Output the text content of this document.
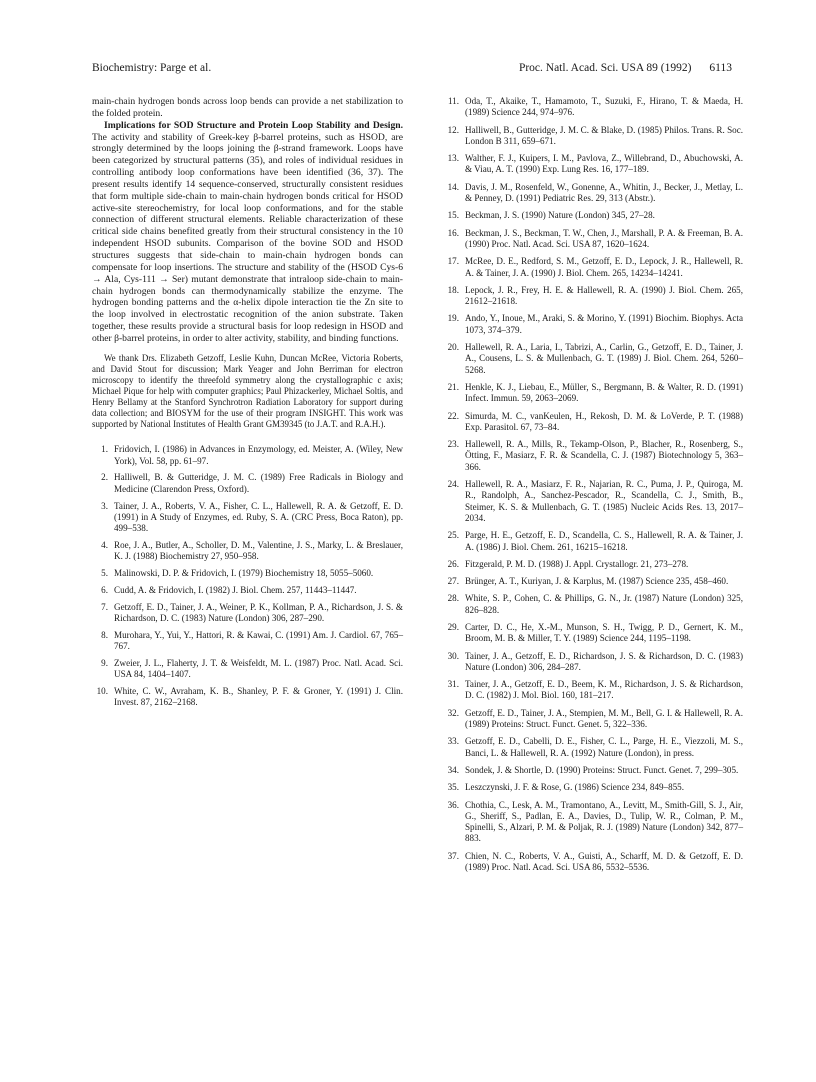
Biochemistry: Parge et al.	Proc. Natl. Acad. Sci. USA 89 (1992) 6113

main-chain hydrogen bonds across loop bends can provide a net stabilization to the folded protein.

Implications for SOD Structure and Protein Loop Stability and Design. The activity and stability of Greek-key β-barrel proteins, such as HSOD, are strongly determined by the loops joining the β-strand framework. Loops have been categorized by structural patterns (35), and roles of individual residues in controlling antibody loop conformations have been identified (36, 37). The present results identify 14 sequence-conserved, structurally consistent residues that form multiple side-chain to main-chain hydrogen bonds critical for HSOD active-site stereochemistry, for local loop conformations, and for the stable connection of different structural elements. Reliable characterization of these critical side chains benefited greatly from their structural consistency in the 10 independent HSOD subunits. Comparison of the bovine SOD and HSOD structures suggests that side-chain to main-chain hydrogen bonds can compensate for loop insertions. The structure and stability of the (HSOD Cys-6 → Ala, Cys-111 → Ser) mutant demonstrate that intraloop side-chain to main-chain hydrogen bonds can thermodynamically stabilize the enzyme. The hydrogen bonding patterns and the α-helix dipole interaction tie the Zn site to the loop involved in electrostatic recognition of the anion substrate. Taken together, these results provide a structural basis for loop redesign in HSOD and other β-barrel proteins, in order to alter activity, stability, and binding functions.

We thank Drs. Elizabeth Getzoff, Leslie Kuhn, Duncan McRee, Victoria Roberts, and David Stout for discussion; Mark Yeager and John Berriman for electron microscopy to identify the threefold symmetry along the crystallographic c axis; Michael Pique for help with computer graphics; Paul Phizackerley, Michael Soltis, and Henry Bellamy at the Stanford Synchrotron Radiation Laboratory for support during data collection; and BIOSYM for the use of their program INSIGHT. This work was supported by National Institutes of Health Grant GM39345 (to J.A.T. and R.A.H.).

1. Fridovich, I. (1986) in Advances in Enzymology, ed. Meister, A. (Wiley, New York), Vol. 58, pp. 61–97.
2. Halliwell, B. & Gutteridge, J. M. C. (1989) Free Radicals in Biology and Medicine (Clarendon Press, Oxford).
3. Tainer, J. A., Roberts, V. A., Fisher, C. L., Hallewell, R. A. & Getzoff, E. D. (1991) in A Study of Enzymes, ed. Ruby, S. A. (CRC Press, Boca Raton), pp. 499–538.
4. Roe, J. A., Butler, A., Scholler, D. M., Valentine, J. S., Marky, L. & Breslauer, K. J. (1988) Biochemistry 27, 950–958.
5. Malinowski, D. P. & Fridovich, I. (1979) Biochemistry 18, 5055–5060.
6. Cudd, A. & Fridovich, I. (1982) J. Biol. Chem. 257, 11443–11447.
7. Getzoff, E. D., Tainer, J. A., Weiner, P. K., Kollman, P. A., Richardson, J. S. & Richardson, D. C. (1983) Nature (London) 306, 287–290.
8. Murohara, Y., Yui, Y., Hattori, R. & Kawai, C. (1991) Am. J. Cardiol. 67, 765–767.
9. Zweier, J. L., Flaherty, J. T. & Weisfeldt, M. L. (1987) Proc. Natl. Acad. Sci. USA 84, 1404–1407.
10. White, C. W., Avraham, K. B., Shanley, P. F. & Groner, Y. (1991) J. Clin. Invest. 87, 2162–2168.
11. Oda, T., Akaike, T., Hamamoto, T., Suzuki, F., Hirano, T. & Maeda, H. (1989) Science 244, 974–976.
12. Halliwell, B., Gutteridge, J. M. C. & Blake, D. (1985) Philos. Trans. R. Soc. London B 311, 659–671.
13. Walther, F. J., Kuipers, I. M., Pavlova, Z., Willebrand, D., Abuchowski, A. & Viau, A. T. (1990) Exp. Lung Res. 16, 177–189.
14. Davis, J. M., Rosenfeld, W., Gonenne, A., Whitin, J., Becker, J., Metlay, L. & Penney, D. (1991) Pediatric Res. 29, 313 (Abstr.).
15. Beckman, J. S. (1990) Nature (London) 345, 27–28.
16. Beckman, J. S., Beckman, T. W., Chen, J., Marshall, P. A. & Freeman, B. A. (1990) Proc. Natl. Acad. Sci. USA 87, 1620–1624.
17. McRee, D. E., Redford, S. M., Getzoff, E. D., Lepock, J. R., Hallewell, R. A. & Tainer, J. A. (1990) J. Biol. Chem. 265, 14234–14241.
18. Lepock, J. R., Frey, H. E. & Hallewell, R. A. (1990) J. Biol. Chem. 265, 21612–21618.
19. Ando, Y., Inoue, M., Araki, S. & Morino, Y. (1991) Biochim. Biophys. Acta 1073, 374–379.
20. Hallewell, R. A., Laria, I., Tabrizi, A., Carlin, G., Getzoff, E. D., Tainer, J. A., Cousens, L. S. & Mullenbach, G. T. (1989) J. Biol. Chem. 264, 5260–5268.
21. Henkle, K. J., Liebau, E., Müller, S., Bergmann, B. & Walter, R. D. (1991) Infect. Immun. 59, 2063–2069.
22. Simurda, M. C., vanKeulen, H., Rekosh, D. M. & LoVerde, P. T. (1988) Exp. Parasitol. 67, 73–84.
23. Hallewell, R. A., Mills, R., Tekamp-Olson, P., Blacher, R., Rosenberg, S., Ötting, F., Masiarz, F. R. & Scandella, C. J. (1987) Biotechnology 5, 363–366.
24. Hallewell, R. A., Masiarz, F. R., Najarian, R. C., Puma, J. P., Quiroga, M. R., Randolph, A., Sanchez-Pescador, R., Scandella, C. J., Smith, B., Steimer, K. S. & Mullenbach, G. T. (1985) Nucleic Acids Res. 13, 2017–2034.
25. Parge, H. E., Getzoff, E. D., Scandella, C. S., Hallewell, R. A. & Tainer, J. A. (1986) J. Biol. Chem. 261, 16215–16218.
26. Fitzgerald, P. M. D. (1988) J. Appl. Crystallogr. 21, 273–278.
27. Brünger, A. T., Kuriyan, J. & Karplus, M. (1987) Science 235, 458–460.
28. White, S. P., Cohen, C. & Phillips, G. N., Jr. (1987) Nature (London) 325, 826–828.
29. Carter, D. C., He, X.-M., Munson, S. H., Twigg, P. D., Gernert, K. M., Broom, M. B. & Miller, T. Y. (1989) Science 244, 1195–1198.
30. Tainer, J. A., Getzoff, E. D., Richardson, J. S. & Richardson, D. C. (1983) Nature (London) 306, 284–287.
31. Tainer, J. A., Getzoff, E. D., Beem, K. M., Richardson, J. S. & Richardson, D. C. (1982) J. Mol. Biol. 160, 181–217.
32. Getzoff, E. D., Tainer, J. A., Stempien, M. M., Bell, G. I. & Hallewell, R. A. (1989) Proteins: Struct. Funct. Genet. 5, 322–336.
33. Getzoff, E. D., Cabelli, D. E., Fisher, C. L., Parge, H. E., Viezzoli, M. S., Banci, L. & Hallewell, R. A. (1992) Nature (London), in press.
34. Sondek, J. & Shortle, D. (1990) Proteins: Struct. Funct. Genet. 7, 299–305.
35. Leszczynski, J. F. & Rose, G. (1986) Science 234, 849–855.
36. Chothia, C., Lesk, A. M., Tramontano, A., Levitt, M., Smith-Gill, S. J., Air, G., Sheriff, S., Padlan, E. A., Davies, D., Tulip, W. R., Colman, P. M., Spinelli, S., Alzari, P. M. & Poljak, R. J. (1989) Nature (London) 342, 877–883.
37. Chien, N. C., Roberts, V. A., Guisti, A., Scharff, M. D. & Getzoff, E. D. (1989) Proc. Natl. Acad. Sci. USA 86, 5532–5536.
